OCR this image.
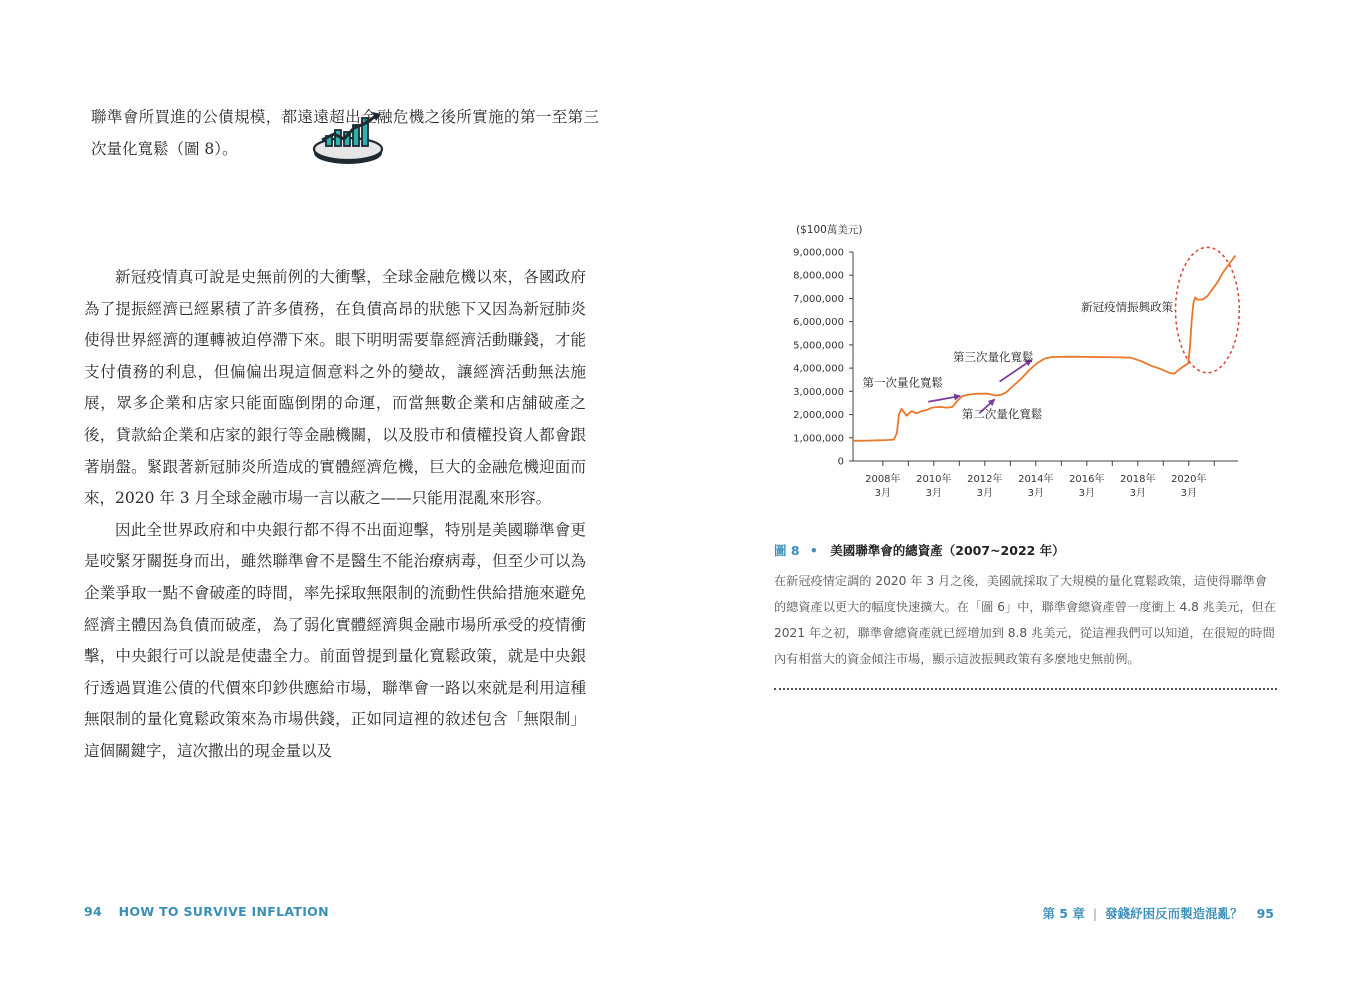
新冠疫情真可說是史無前例的大衝擊，全球金融危機以來，各國政府為了提振經濟已經累積了許多債務，在負債高昂的狀態下又因為新冠肺炎使得世界經濟的運轉被迫停滯下來。眼下明明需要靠經濟活動賺錢，才能支付債務的利息，但偏偏出現這個意料之外的變故，讓經濟活動無法施展，眾多企業和店家只能面臨倒閉的命運，而當無數企業和店舖破產之後，貸款給企業和店家的銀行等金融機關，以及股市和債權投資人都會跟著崩盤。緊跟著新冠肺炎所造成的實體經濟危機，巨大的金融危機迎面而來，2020 年 3 月全球金融市場一言以蔽之——只能用混亂來形容。

因此全世界政府和中央銀行都不得不出面迎擊，特別是美國聯準會更是咬緊牙關挺身而出，雖然聯準會不是醫生不能治療病毒，但至少可以為企業爭取一點不會破產的時間，率先採取無限制的流動性供給措施來避免經濟主體因為負債而破產，為了弱化實體經濟與金融市場所承受的疫情衝擊，中央銀行可以說是使盡全力。前面曾提到量化寬鬆政策，就是中央銀行透過買進公債的代價來印鈔供應給市場，聯準會一路以來就是利用這種無限制的量化寬鬆政策來為市場供錢，正如同這裡的敘述包含「無限制」這個關鍵字，這次撒出的現金量以及

94 HOW TO SURVIVE INFLATION

聯準會所買進的公債規模，都遠遠超出金融危機之後所實施的第一至第三次量化寬鬆（圖 8）。

($100萬美元)
0
1,000,000
2,000,000
3,000,000
4,000,000
5,000,000
6,000,000
7,000,000
8,000,000
9,000,000
2008年
3月
2010年
3月
2012年
3月
2014年
3月
2016年
3月
2018年
3月
2020年
3月
第一次量化寬鬆
第二次量化寬鬆
第三次量化寬鬆
新冠疫情振興政策
圖 8 • 美國聯準會的總資產（2007~2022 年）
在新冠疫情定調的 2020 年 3 月之後，美國就採取了大規模的量化寬鬆政策，這使得聯準會的總資產以更大的幅度快速擴大。在「圖 6」中，聯準會總資產曾一度衝上 4.8 兆美元，但在 2021 年之初，聯準會總資產就已經增加到 8.8 兆美元，從這裡我們可以知道，在很短的時間內有相當大的資金傾注市場，顯示這波振興政策有多麼地史無前例。
第 5 章 | 發錢紓困反而製造混亂？ 95
